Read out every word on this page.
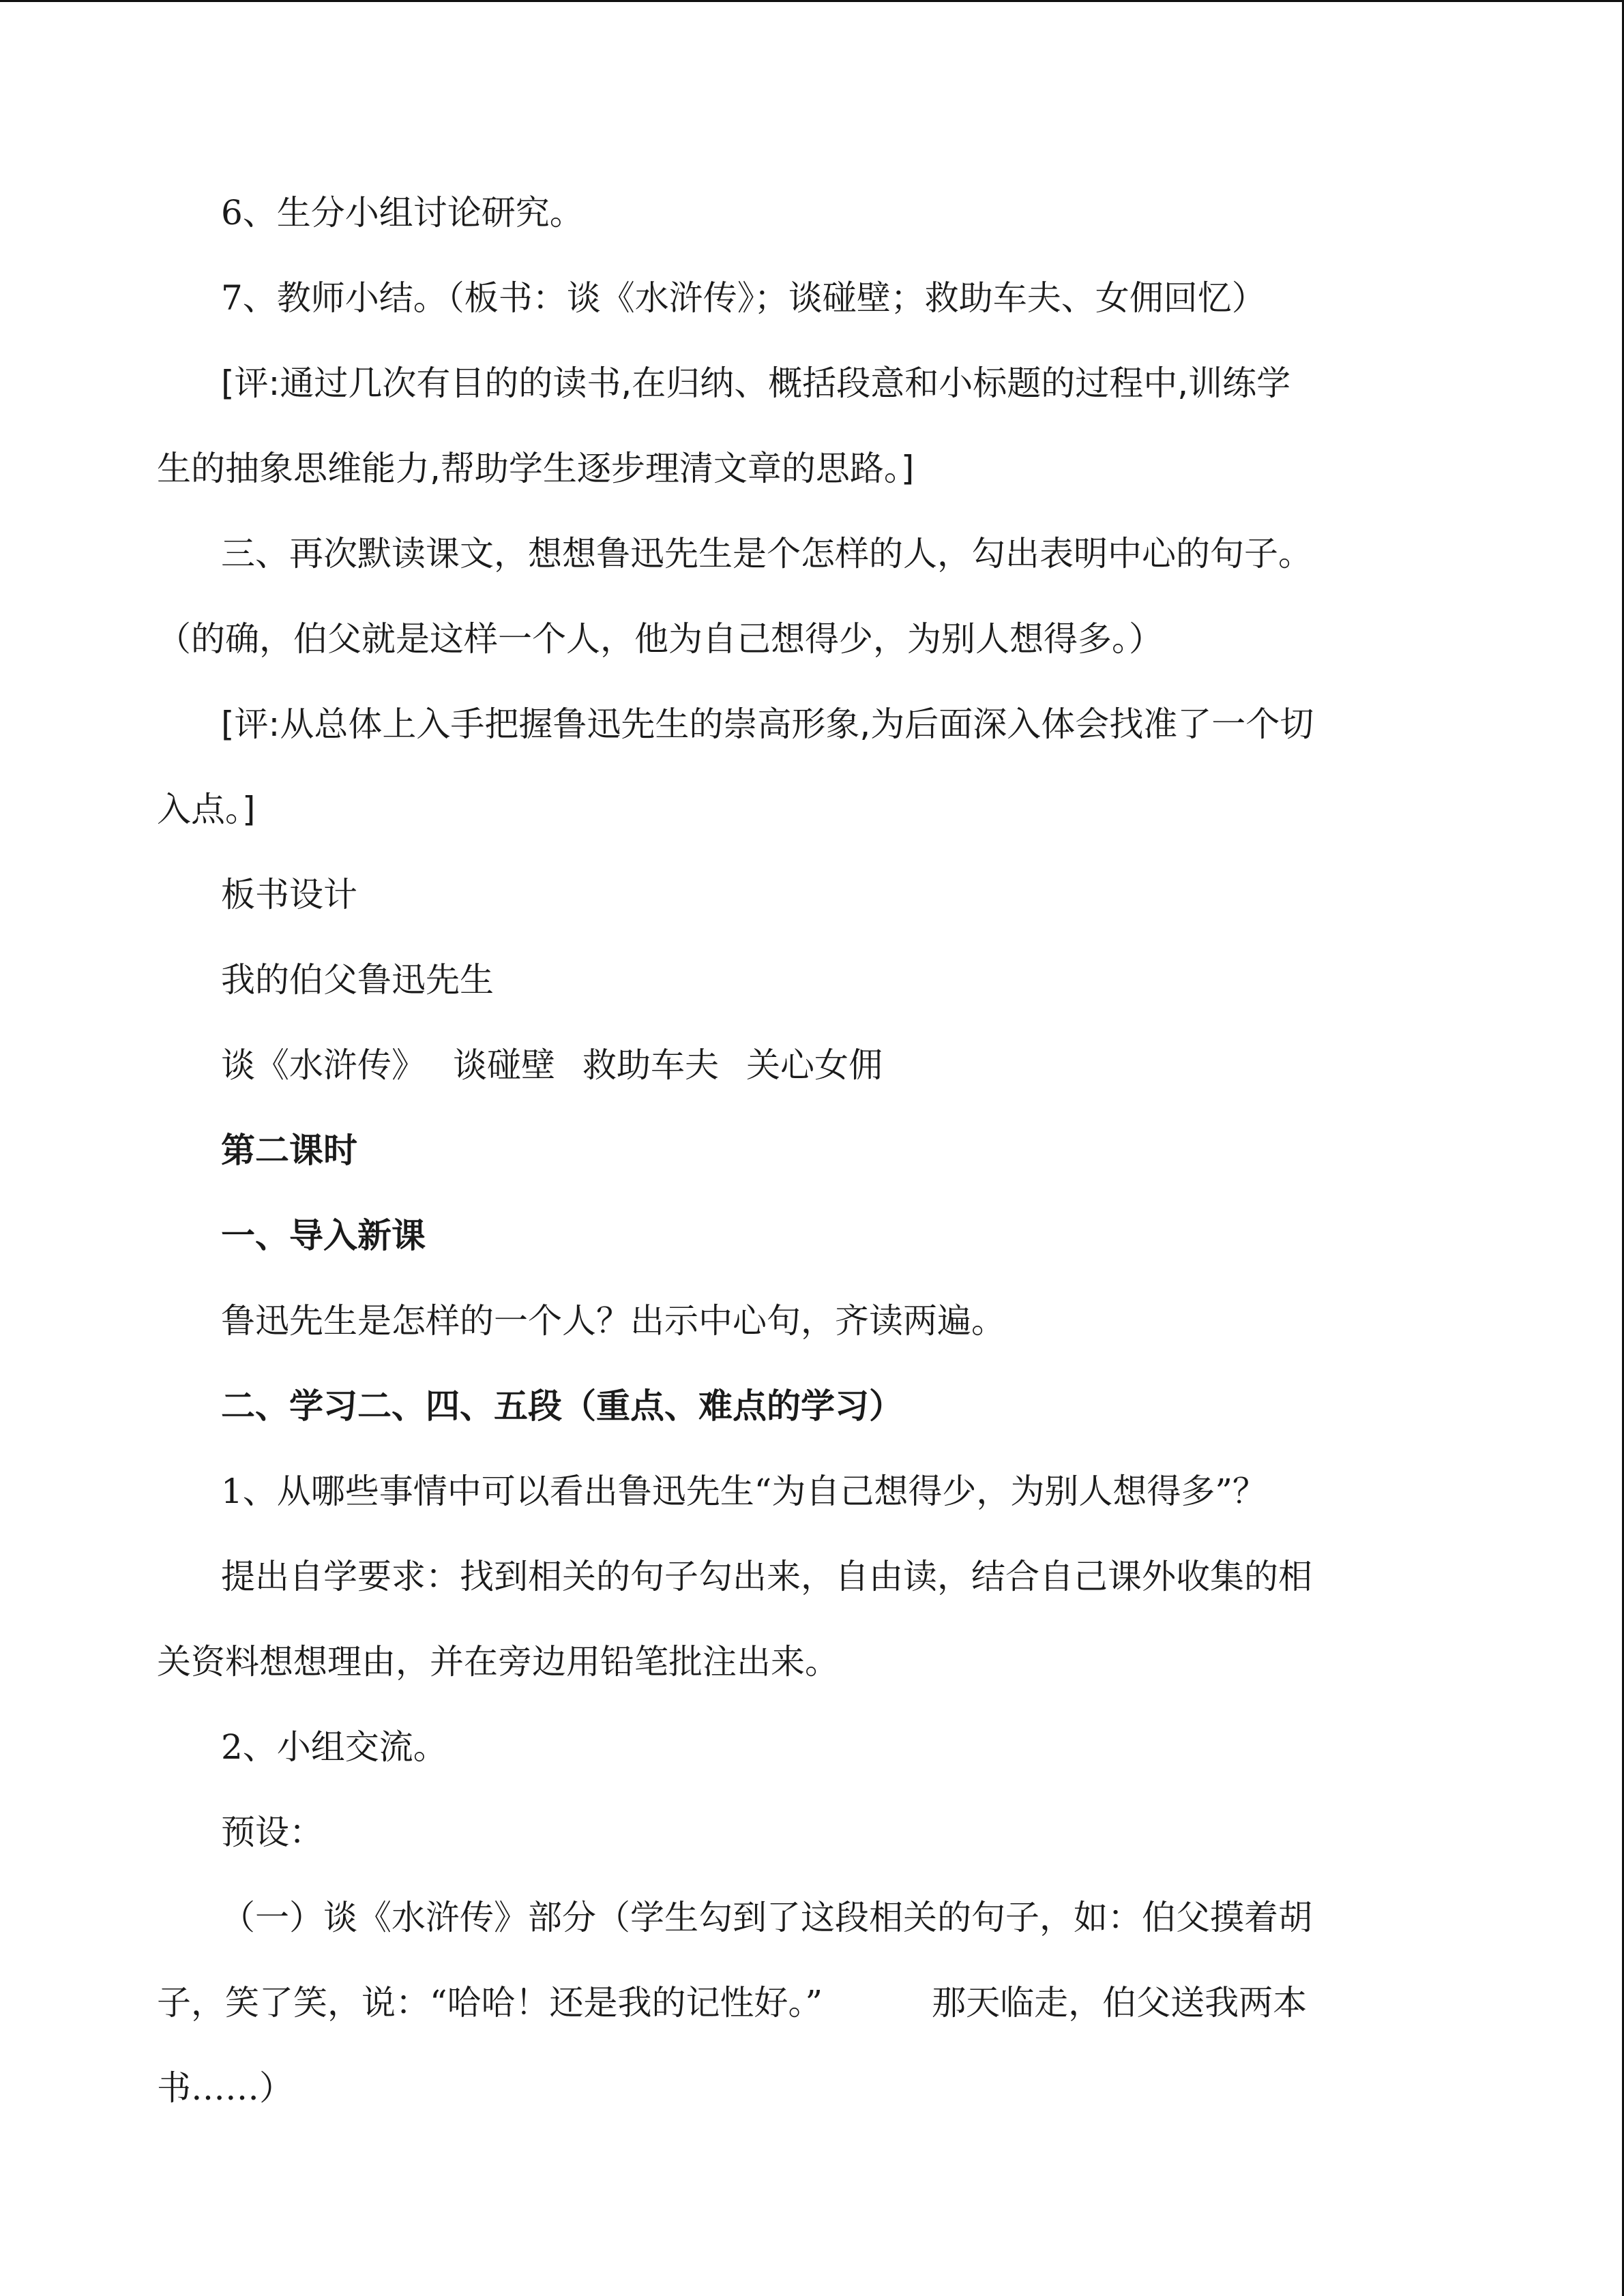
6、生分小组讨论研究。

7、教师小结。（板书：谈《水浒传》；谈碰壁；救助车夫、女佣回忆）

[评:通过几次有目的的读书,在归纳、概括段意和小标题的过程中,训练学

生的抽象思维能力,帮助学生逐步理清文章的思路。]

三、再次默读课文，想想鲁迅先生是个怎样的人，勾出表明中心的句子。

（的确，伯父就是这样一个人，他为自己想得少，为别人想得多。）

[评:从总体上入手把握鲁迅先生的崇高形象,为后面深入体会找准了一个切

入点。]

板书设计

我的伯父鲁迅先生

谈《水浒传》 谈碰壁 救助车夫 关心女佣

第二课时

一、导入新课

鲁迅先生是怎样的一个人？出示中心句，齐读两遍。

二、学习二、四、五段（重点、难点的学习）

1、从哪些事情中可以看出鲁迅先生“为自己想得少，为别人想得多”？

提出自学要求：找到相关的句子勾出来，自由读，结合自己课外收集的相

关资料想想理由，并在旁边用铅笔批注出来。

2、小组交流。

预设：

（一）谈《水浒传》部分（学生勾到了这段相关的句子，如：伯父摸着胡

子，笑了笑，说：“哈哈！还是我的记性好。”	那天临走，伯父送我两本

书……）
